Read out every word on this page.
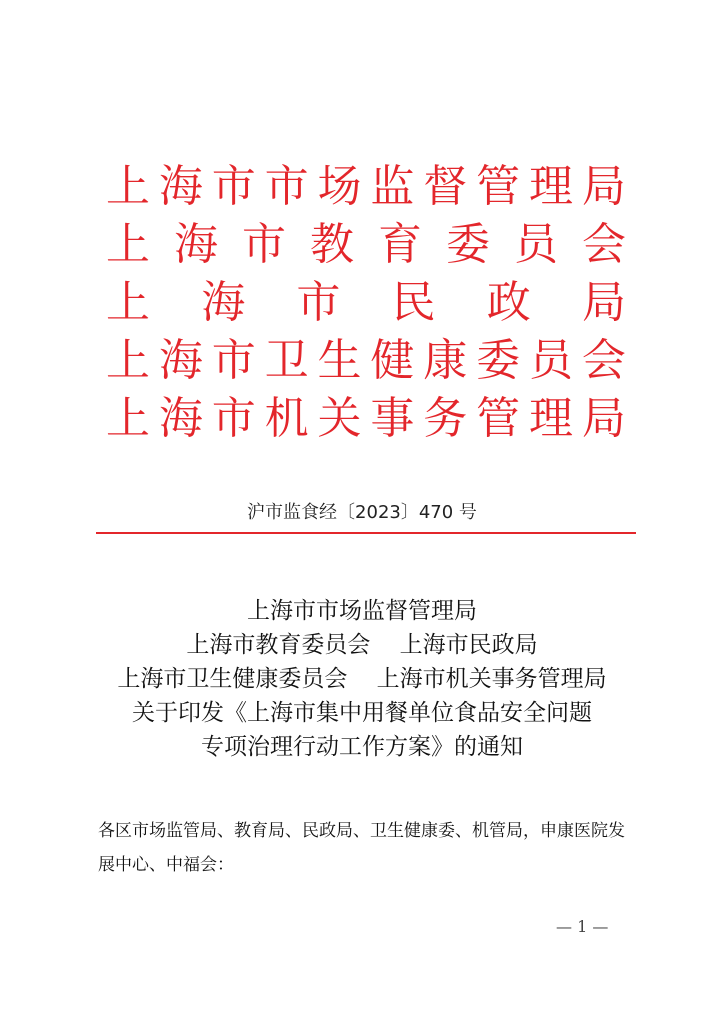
上 海 市 市 场 监 督 管 理 局
上 海 市 教 育 委 员 会
上 海 市 民 政 局
上 海 市 卫 生 健 康 委 员 会
上 海 市 机 关 事 务 管 理 局
沪市监食经〔2023〕470 号
上海市市场监督管理局
上海市教育委员会    上海市民政局
上海市卫生健康委员会    上海市机关事务管理局
关于印发《上海市集中用餐单位食品安全问题
专项治理行动工作方案》的通知
各区市场监管局、教育局、民政局、卫生健康委、机管局，申康医院发展中心、中福会：
— 1 —
